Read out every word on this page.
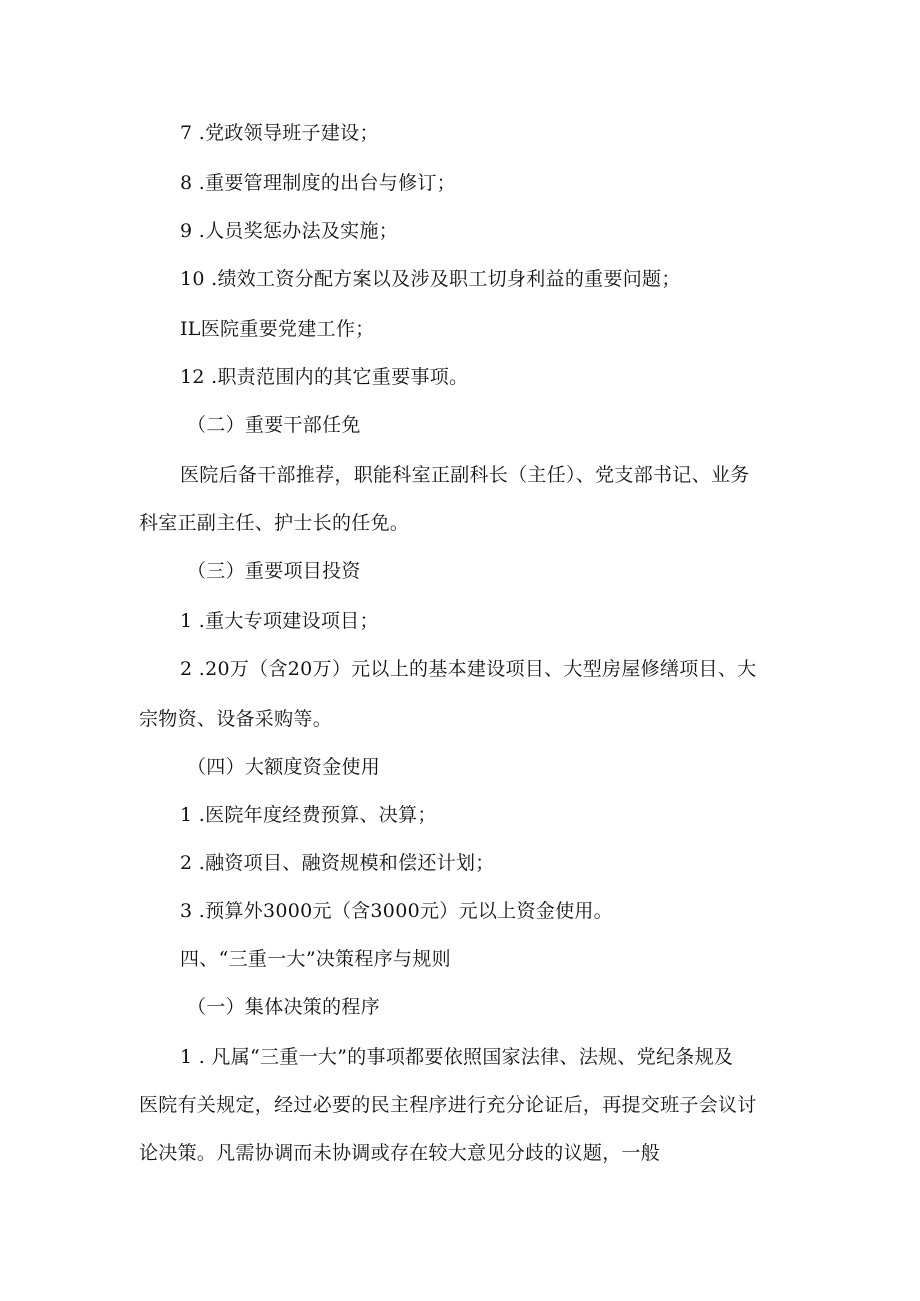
7 .党政领导班子建设；
8 .重要管理制度的出台与修订；
9 .人员奖惩办法及实施；
10 .绩效工资分配方案以及涉及职工切身利益的重要问题；
IL医院重要党建工作；
12 .职责范围内的其它重要事项。
（二）重要干部任免
医院后备干部推荐，职能科室正副科长（主任）、党支部书记、业务
科室正副主任、护士长的任免。
（三）重要项目投资
1 .重大专项建设项目；
2 .20万（含20万）元以上的基本建设项目、大型房屋修缮项目、大
宗物资、设备采购等。
（四）大额度资金使用
1 .医院年度经费预算、决算；
2 .融资项目、融资规模和偿还计划；
3 .预算外3000元（含3000元）元以上资金使用。
四、“三重一大”决策程序与规则
（一）集体决策的程序
1 . 凡属“三重一大”的事项都要依照国家法律、法规、党纪条规及
医院有关规定，经过必要的民主程序进行充分论证后，再提交班子会议讨
论决策。凡需协调而未协调或存在较大意见分歧的议题，一般
